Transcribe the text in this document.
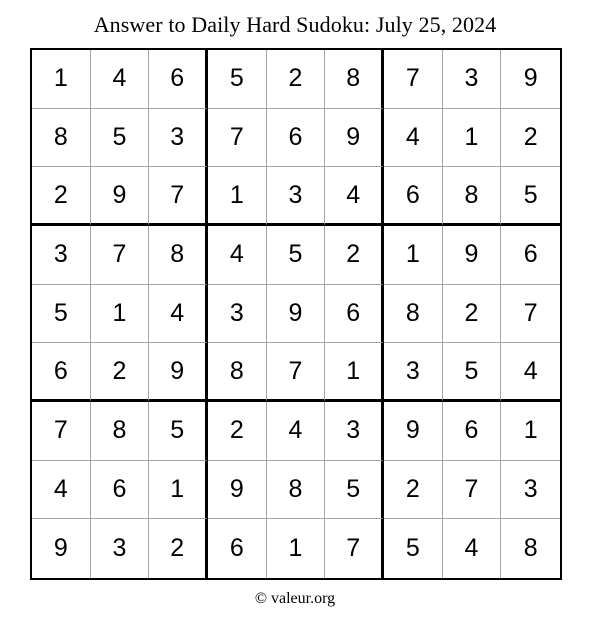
Answer to Daily Hard Sudoku: July 25, 2024
1	4	6	5	2	8	7	3	9
8	5	3	7	6	9	4	1	2
2	9	7	1	3	4	6	8	5
3	7	8	4	5	2	1	9	6
5	1	4	3	9	6	8	2	7
6	2	9	8	7	1	3	5	4
7	8	5	2	4	3	9	6	1
4	6	1	9	8	5	2	7	3
9	3	2	6	1	7	5	4	8
© valeur.org
